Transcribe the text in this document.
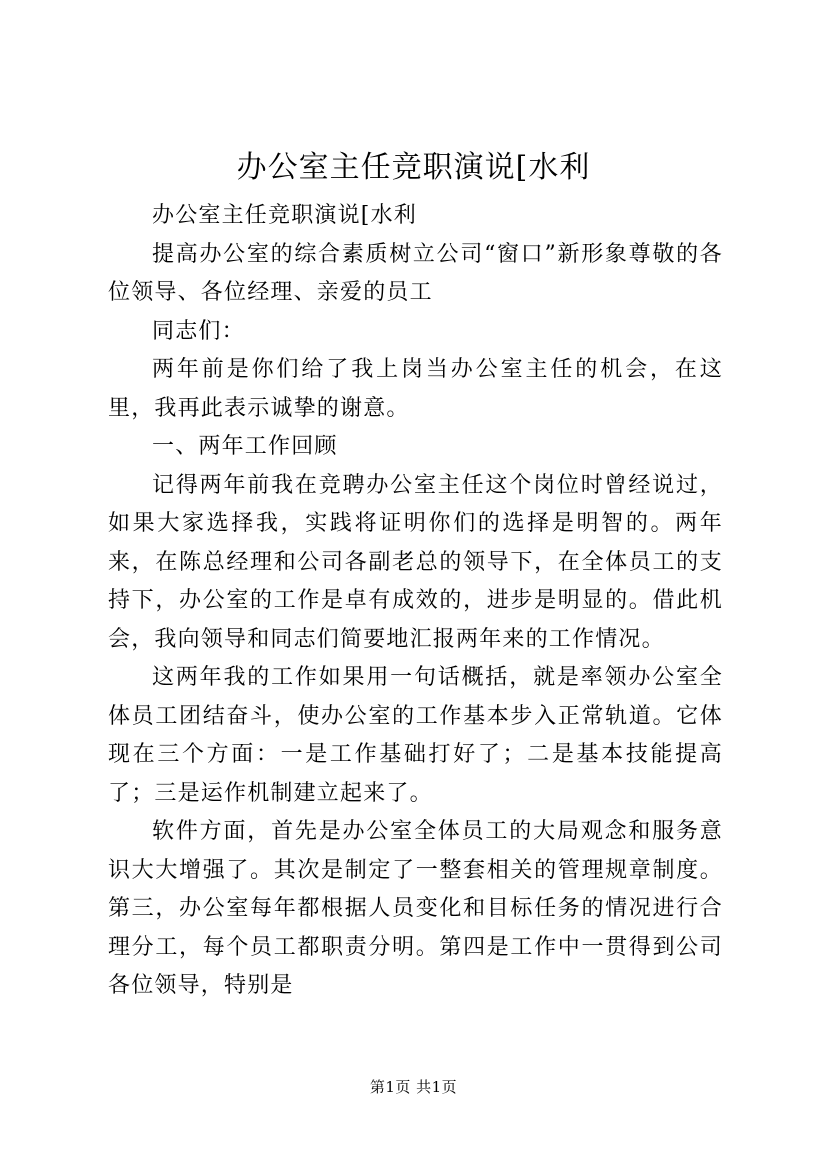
办公室主任竞职演说[水利

办公室主任竞职演说[水利

提高办公室的综合素质树立公司“窗口”新形象尊敬的各位领导、各位经理、亲爱的员工

同志们：

两年前是你们给了我上岗当办公室主任的机会，在这里，我再此表示诚挚的谢意。

一、两年工作回顾

记得两年前我在竞聘办公室主任这个岗位时曾经说过，如果大家选择我，实践将证明你们的选择是明智的。两年来，在陈总经理和公司各副老总的领导下，在全体员工的支持下，办公室的工作是卓有成效的，进步是明显的。借此机会，我向领导和同志们简要地汇报两年来的工作情况。

这两年我的工作如果用一句话概括，就是率领办公室全体员工团结奋斗，使办公室的工作基本步入正常轨道。它体现在三个方面：一是工作基础打好了；二是基本技能提高了；三是运作机制建立起来了。

软件方面，首先是办公室全体员工的大局观念和服务意识大大增强了。其次是制定了一整套相关的管理规章制度。第三，办公室每年都根据人员变化和目标任务的情况进行合理分工，每个员工都职责分明。第四是工作中一贯得到公司各位领导，特别是

第1页 共1页
